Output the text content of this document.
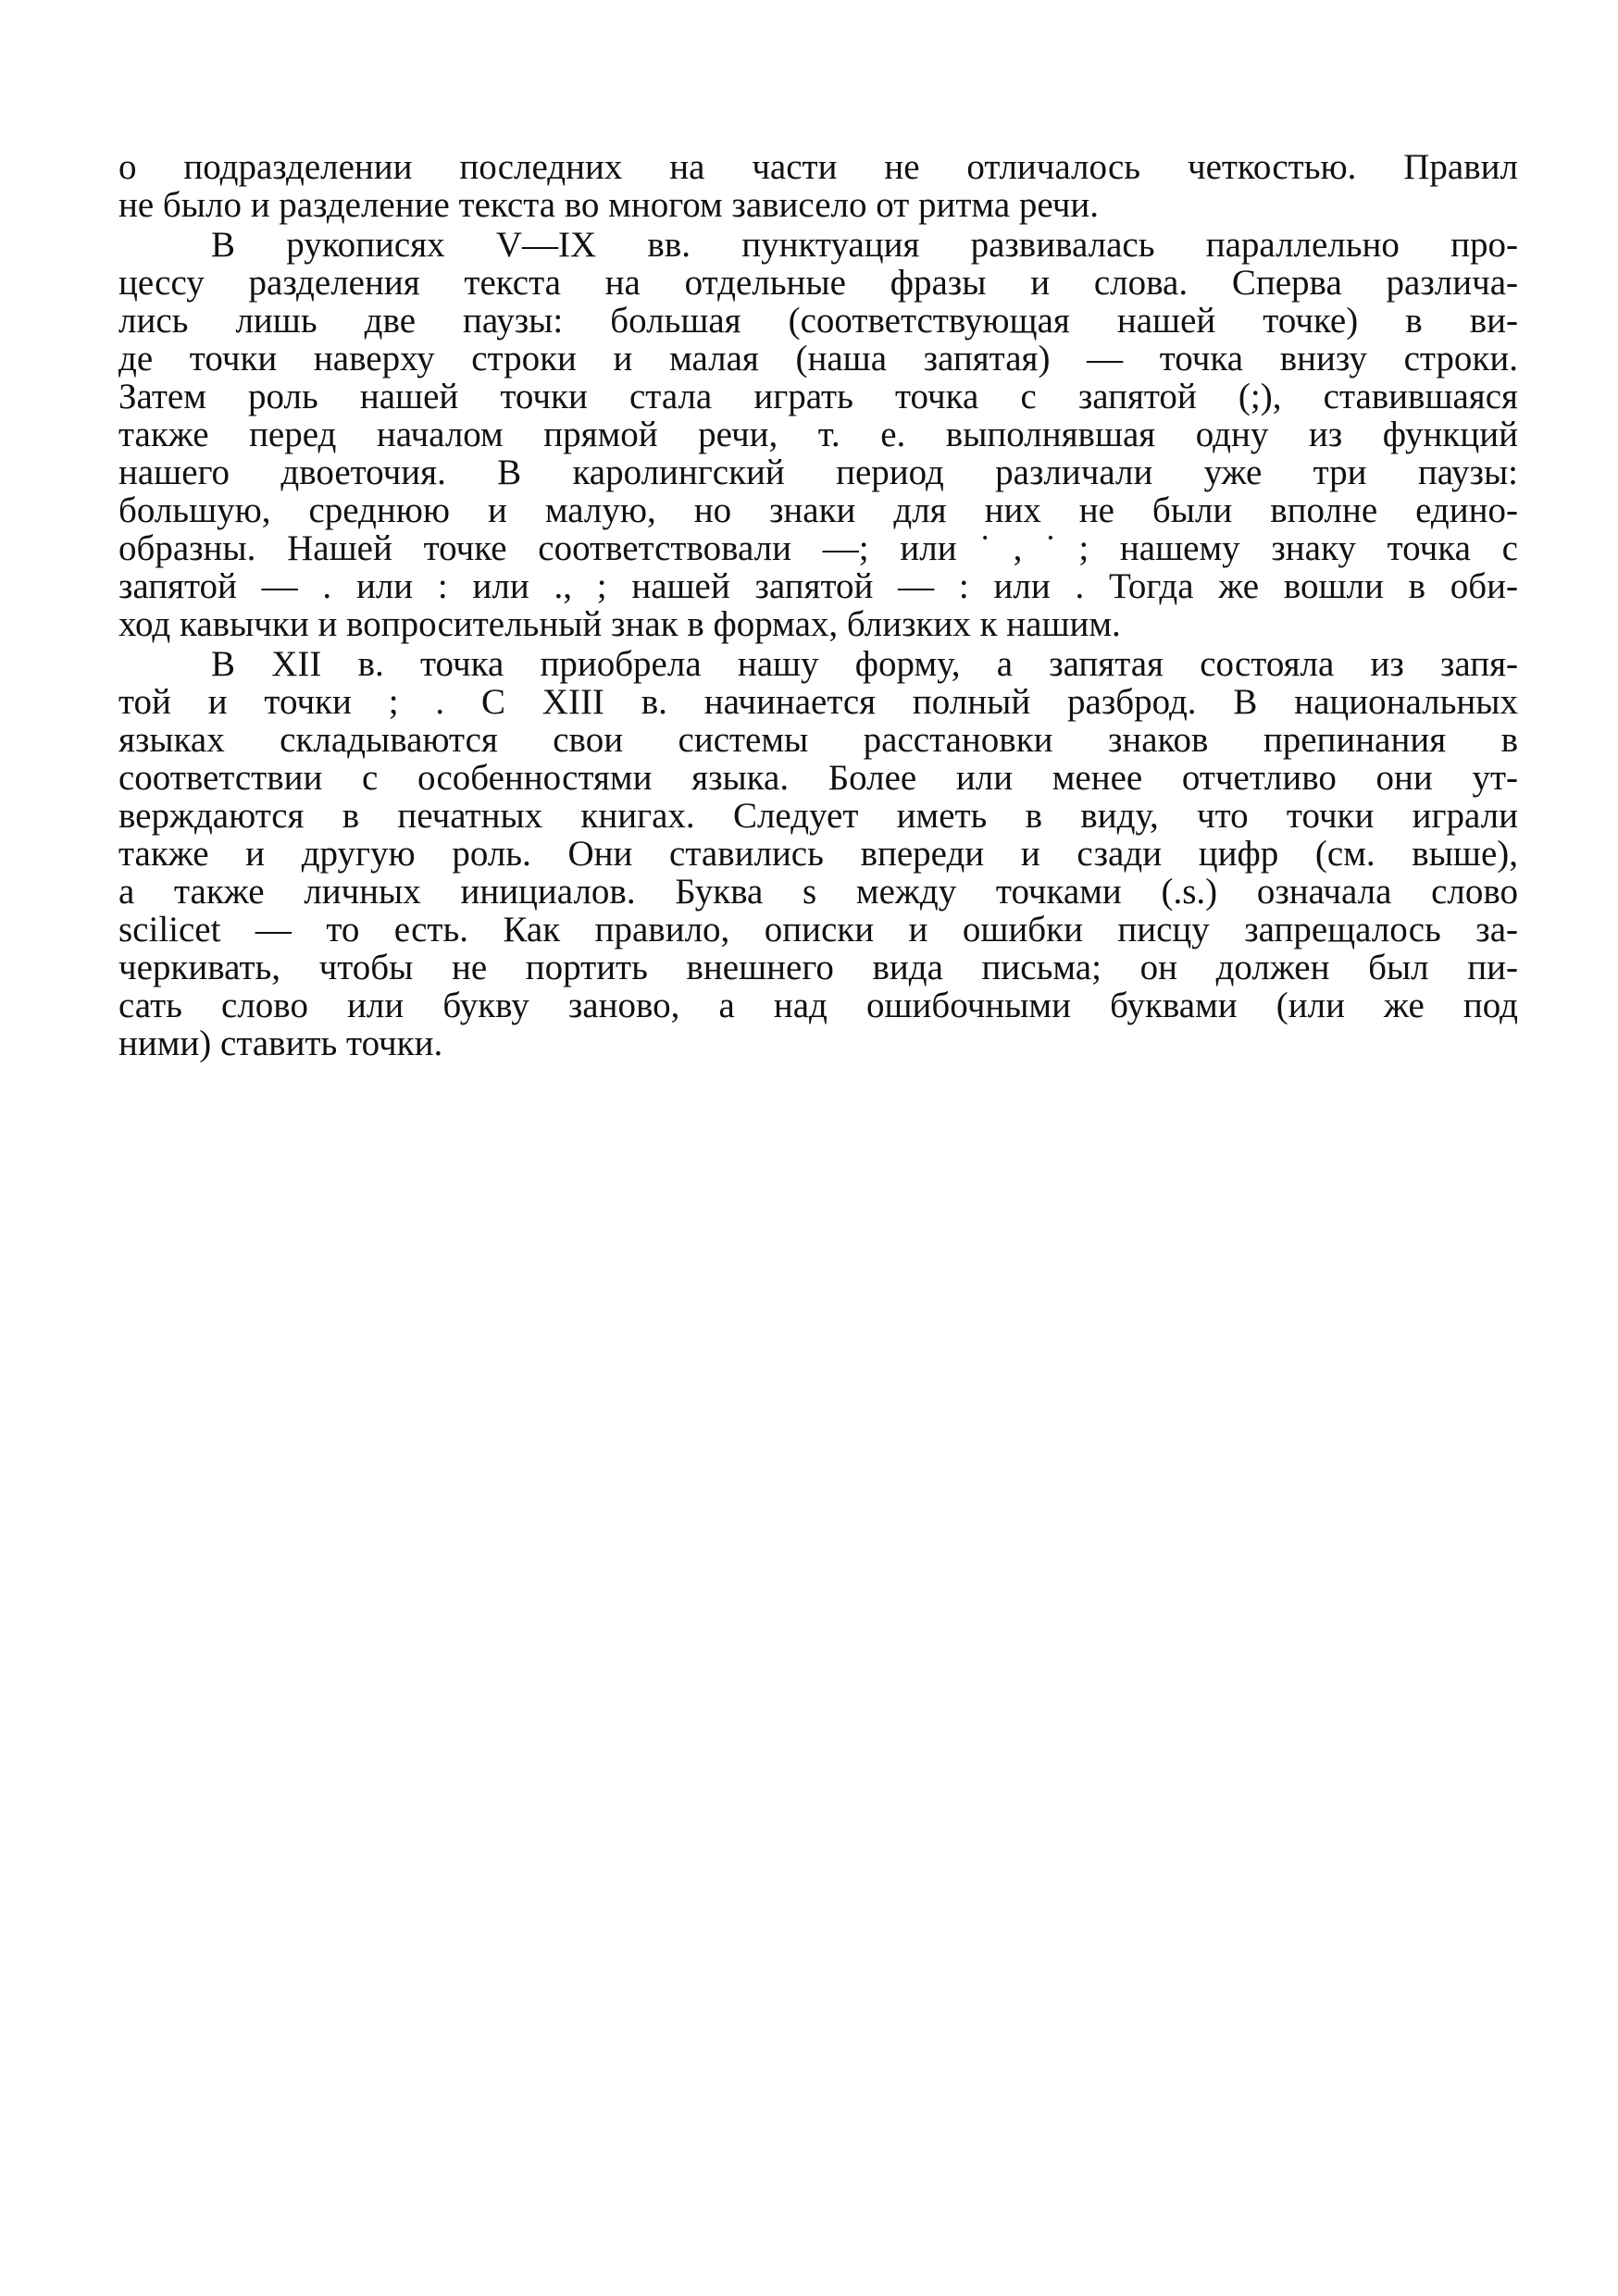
о подразделении последних на части не отличалось четкостью. Правил
не было и разделение текста во многом зависело от ритма речи.
В рукописях V—IX вв. пунктуация развивалась параллельно про-
цессу разделения текста на отдельные фразы и слова. Сперва различа-
лись лишь две паузы: большая (соответствующая нашей точке) в ви-
де точки наверху строки и малая (наша запятая) — точка внизу строки.
Затем роль нашей точки стала играть точка с запятой (;), ставившаяся
также перед началом прямой речи, т. е. выполнявшая одну из функций
нашего двоеточия. В каролингский период различали уже три паузы:
большую, среднюю и малую, но знаки для них не были вполне едино-
образны. Нашей точке соответствовали —; или˙,˙; нашему знаку точка с
запятой — . или : или ., ; нашей запятой — : или . Тогда же вошли в оби-
ход кавычки и вопросительный знак в формах, близких к нашим.
В XII в. точка приобрела нашу форму, а запятая состояла из запя-
той и точки ; . С XIII в. начинается полный разброд. В национальных
языках складываются свои системы расстановки знаков препинания в
соответствии с особенностями языка. Более или менее отчетливо они ут-
верждаются в печатных книгах. Следует иметь в виду, что точки играли
также и другую роль. Они ставились впереди и сзади цифр (см. выше),
а также личных инициалов. Буква s между точками (.s.) означала слово
scilicet — то есть. Как правило, описки и ошибки писцу запрещалось за-
черкивать, чтобы не портить внешнего вида письма; он должен был пи-
сать слово или букву заново, а над ошибочными буквами (или же под
ними) ставить точки.
